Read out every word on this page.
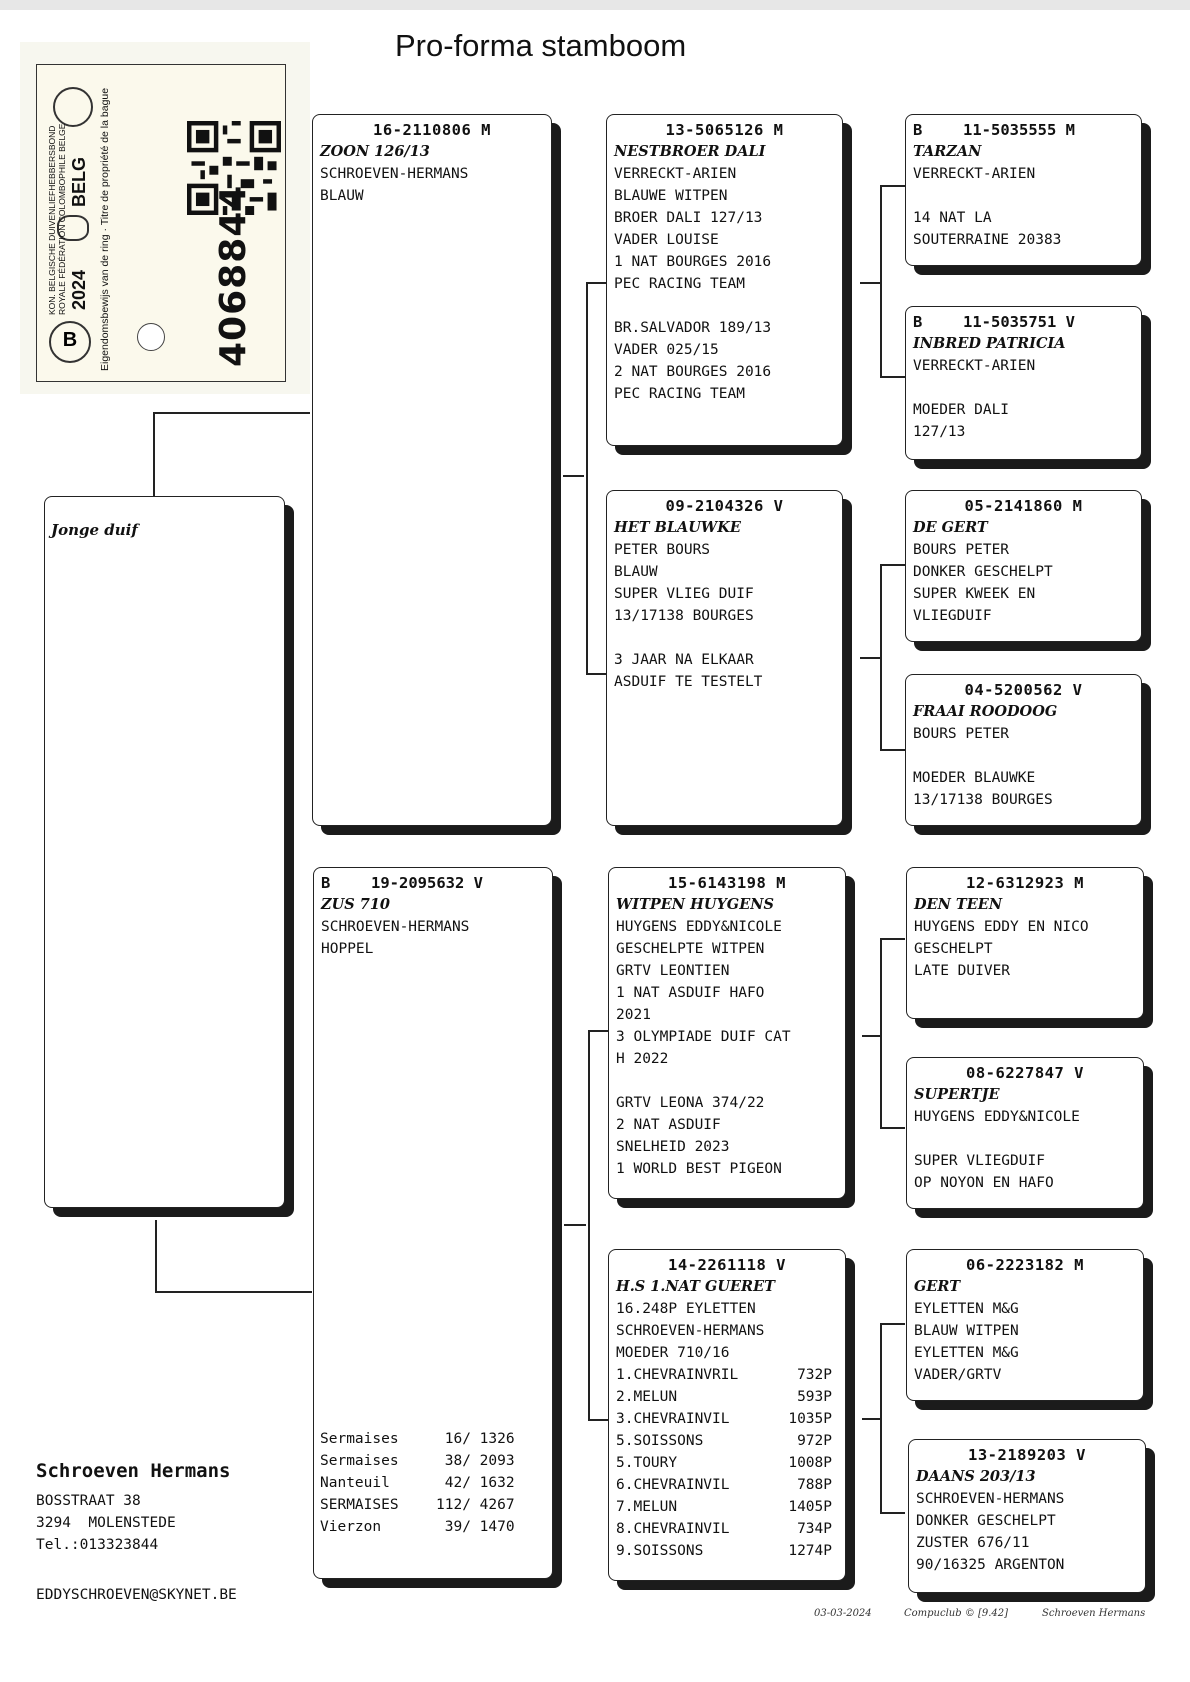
Pro-forma stamboom
B
KON. BELGISCHE DUIVENLIEFHEBBERSBOND ROYALE FÉDÉRATION COLOMBOPHILE BELGE 2024
BELG Eigendomsbewijs van de ring · Titre de propriété de la bague	4068844
Jonge duif
16-2110806 M
ZOON 126/13
SCHROEVEN-HERMANS
BLAUW
B	19-2095632 V
ZUS 710
SCHROEVEN-HERMANS
HOPPEL
Sermaises	16/ 1326
Sermaises	38/ 2093
Nanteuil	42/ 1632
SERMAISES	112/ 4267
Vierzon	39/ 1470
13-5065126 M
NESTBROER DALI
VERRECKT-ARIEN
BLAUWE WITPEN
BROER DALI 127/13
VADER LOUISE
1 NAT BOURGES 2016
PEC RACING TEAM
BR.SALVADOR 189/13
VADER 025/15
2 NAT BOURGES 2016
PEC RACING TEAM
09-2104326 V
HET BLAUWKE
PETER BOURS
BLAUW
SUPER VLIEG DUIF
13/17138 BOURGES
3 JAAR NA ELKAAR
ASDUIF TE TESTELT
15-6143198 M
WITPEN HUYGENS
HUYGENS EDDY&NICOLE
GESCHELPTE WITPEN
GRTV LEONTIEN
1 NAT ASDUIF HAFO
2021
3 OLYMPIADE DUIF CAT
H 2022
GRTV LEONA 374/22
2 NAT ASDUIF
SNELHEID 2023
1 WORLD BEST PIGEON
14-2261118 V
H.S 1.NAT GUERET
16.248P EYLETTEN
SCHROEVEN-HERMANS
MOEDER 710/16
1.CHEVRAINVRIL	732P
2.MELUN	593P
3.CHEVRAINVIL	1035P
5.SOISSONS	972P
5.TOURY	1008P
6.CHEVRAINVIL	788P
7.MELUN	1405P
8.CHEVRAINVIL	734P
9.SOISSONS	1274P
B	11-5035555 M
TARZAN
VERRECKT-ARIEN
14 NAT LA
SOUTERRAINE 20383
B	11-5035751 V
INBRED PATRICIA
VERRECKT-ARIEN
MOEDER DALI
127/13
05-2141860 M
DE GERT
BOURS PETER
DONKER GESCHELPT
SUPER KWEEK EN
VLIEGDUIF
04-5200562 V
FRAAI ROODOOG
BOURS PETER
MOEDER BLAUWKE
13/17138 BOURGES
12-6312923 M
DEN TEEN
HUYGENS EDDY EN NICO
GESCHELPT
LATE DUIVER
08-6227847 V
SUPERTJE
HUYGENS EDDY&NICOLE
SUPER VLIEGDUIF
OP NOYON EN HAFO
06-2223182 M
GERT
EYLETTEN M&G
BLAUW WITPEN
EYLETTEN M&G
VADER/GRTV
13-2189203 V
DAANS 203/13
SCHROEVEN-HERMANS
DONKER GESCHELPT
ZUSTER 676/11
90/16325 ARGENTON
Schroeven Hermans
BOSSTRAAT 38
3294  MOLENSTEDE
Tel.:013323844
EDDYSCHROEVEN@SKYNET.BE
03-03-2024	Compuclub © [9.42]	Schroeven Hermans
